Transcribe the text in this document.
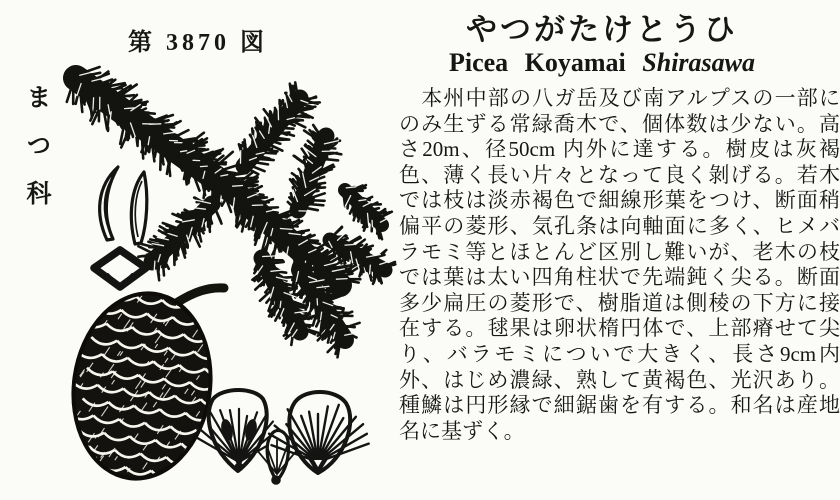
第 3870 図
まつ科
やつがたけとうひ
Picea Koyamai Shirasawa
　本州中部の八ガ岳及び南アルプスの一部に
のみ生ずる常緑喬木で、個体数は少ない。高
さ20m、径50cm 内外に達する。樹皮は灰褐
色、薄く長い片々となって良く剝げる。若木
では枝は淡赤褐色で細線形葉をつけ、断面稍
偏平の菱形、気孔条は向軸面に多く、ヒメバ
ラモミ等とほとんど区別し難いが、老木の枝
では葉は太い四角柱状で先端鈍く尖る。断面
多少扁圧の菱形で、樹脂道は側稜の下方に接
在する。毬果は卵状楕円体で、上部瘠せて尖
り、バラモミについで大きく、長さ9cm内
外、はじめ濃緑、熟して黄褐色、光沢あり。
種鱗は円形縁で細鋸歯を有する。和名は産地
名に基ずく。
